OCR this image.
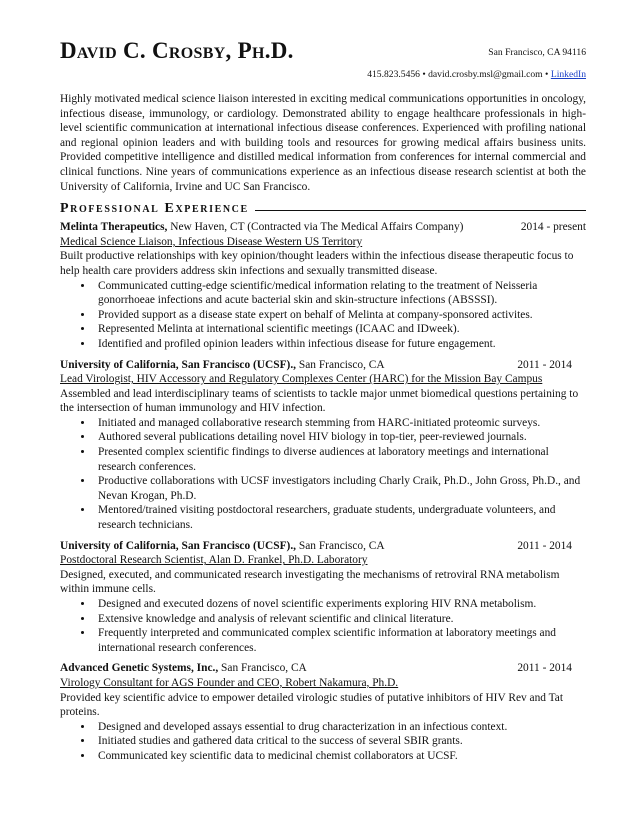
David C. Crosby, Ph.D.	San Francisco, CA 94116
415.823.5456 • david.crosby.msl@gmail.com • LinkedIn
Highly motivated medical science liaison interested in exciting medical communications opportunities in oncology, infectious disease, immunology, or cardiology. Demonstrated ability to engage healthcare professionals in high-level scientific communication at international infectious disease conferences. Experienced with profiling national and regional opinion leaders and with building tools and resources for growing medical affairs business units. Provided competitive intelligence and distilled medical information from conferences for internal commercial and clinical functions. Nine years of communications experience as an infectious disease research scientist at both the University of California, Irvine and UC San Francisco.
Professional Experience
Melinta Therapeutics, New Haven, CT (Contracted via The Medical Affairs Company)	2014 - present
Medical Science Liaison, Infectious Disease Western US Territory
Built productive relationships with key opinion/thought leaders within the infectious disease therapeutic focus to help health care providers address skin infections and sexually transmitted disease.
• Communicated cutting-edge scientific/medical information relating to the treatment of Neisseria gonorrhoeae infections and acute bacterial skin and skin-structure infections (ABSSSI).
• Provided support as a disease state expert on behalf of Melinta at company-sponsored activites.
• Represented Melinta at international scientific meetings (ICAAC and IDweek).
• Identified and profiled opinion leaders within infectious disease for future engagement.
University of California, San Francisco (UCSF)., San Francisco, CA	2011 - 2014
Lead Virologist, HIV Accessory and Regulatory Complexes Center (HARC) for the Mission Bay Campus
Assembled and lead interdisciplinary teams of scientists to tackle major unmet biomedical questions pertaining to the intersection of human immunology and HIV infection.
• Initiated and managed collaborative research stemming from HARC-initiated proteomic surveys.
• Authored several publications detailing novel HIV biology in top-tier, peer-reviewed journals.
• Presented complex scientific findings to diverse audiences at laboratory meetings and international research conferences.
• Productive collaborations with UCSF investigators including Charly Craik, Ph.D., John Gross, Ph.D., and Nevan Krogan, Ph.D.
• Mentored/trained visiting postdoctoral researchers, graduate students, undergraduate volunteers, and research technicians.
University of California, San Francisco (UCSF)., San Francisco, CA	2011 - 2014
Postdoctoral Research Scientist, Alan D. Frankel, Ph.D. Laboratory
Designed, executed, and communicated research investigating the mechanisms of retroviral RNA metabolism within immune cells.
• Designed and executed dozens of novel scientific experiments exploring HIV RNA metabolism.
• Extensive knowledge and analysis of relevant scientific and clinical literature.
• Frequently interpreted and communicated complex scientific information at laboratory meetings and international research conferences.
Advanced Genetic Systems, Inc., San Francisco, CA	2011 - 2014
Virology Consultant for AGS Founder and CEO, Robert Nakamura, Ph.D.
Provided key scientific advice to empower detailed virologic studies of putative inhibitors of HIV Rev and Tat proteins.
• Designed and developed assays essential to drug characterization in an infectious context.
• Initiated studies and gathered data critical to the success of several SBIR grants.
• Communicated key scientific data to medicinal chemist collaborators at UCSF.
